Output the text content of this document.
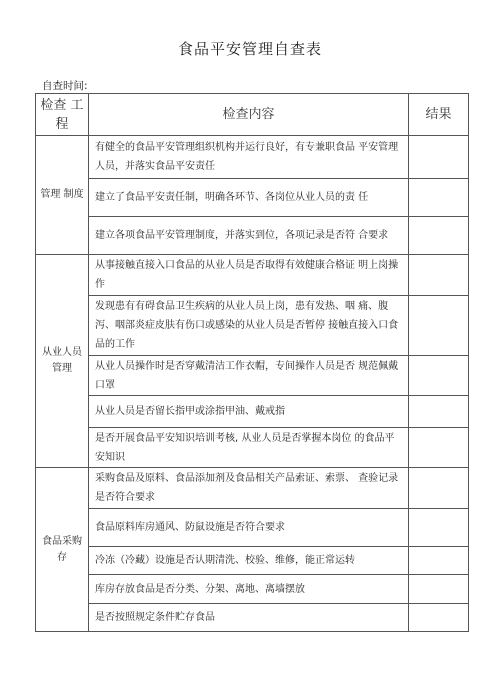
食品平安管理自查表
自查时间:
检查 工程	检查内容	结果
管理 制度	有健全的食品平安管理组织机构并运行良好，有专兼职食品 平安管理人员，并落实食品平安责任	
	建立了食品平安责任制，明确各环节、各岗位从业人员的责 任	
	建立各项食品平安管理制度，并落实到位，各项记录是否符 合要求	
从业人员 管理	从事接触直接入口食品的从业人员是否取得有效健康合格证 明上岗操作	
	发现患有有碍食品卫生疾病的从业人员上岗，患有发热、咽 痛、腹泻、咽部炎症皮肤有伤口或感染的从业人员是否暂停 接触直接入口食品的工作	
	从业人员操作时是否穿戴清洁工作衣帽，专间操作人员是否 规范佩戴口罩	
	从业人员是否留长指甲或涂指甲油、戴戒指	
	是否开展食品平安知识培训考核, 从业人员是否掌握本岗位 的食品平安知识	
食品采购 存	采购食品及原料、食品添加剂及食品相关产品索证、索票、 查验记录是否符合要求	
	食品原料库房通风、防鼠设施是否符合要求	
	冷冻（冷藏）设施是否认期清洗、校验、维修，能正常运转	
	库房存放食品是否分类、分架、离地、离墙摆放	
	是否按照规定条件贮存食品	
